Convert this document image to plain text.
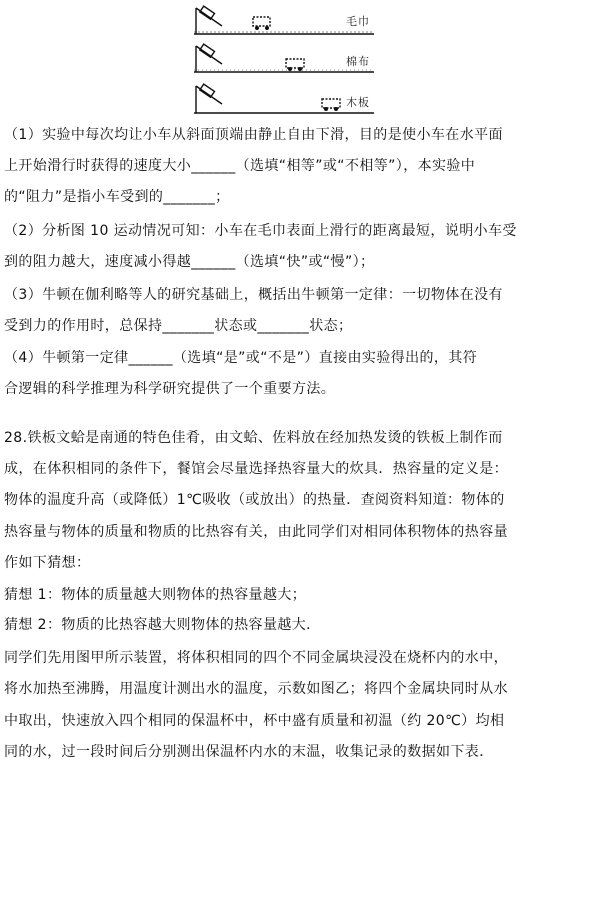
毛巾
棉布
木板
（1）实验中每次均让小车从斜面顶端由静止自由下滑，目的是使小车在水平面
上开始滑行时获得的速度大小______（选填“相等”或“不相等”），本实验中
的“阻力”是指小车受到的_______；
（2）分析图 10 运动情况可知：小车在毛巾表面上滑行的距离最短，说明小车受
到的阻力越大，速度减小得越______（选填“快”或“慢”）；
（3）牛顿在伽利略等人的研究基础上，概括出牛顿第一定律：一切物体在没有
受到力的作用时，总保持_______状态或_______状态；
（4）牛顿第一定律______（选填“是”或“不是”）直接由实验得出的，其符
合逻辑的科学推理为科学研究提供了一个重要方法。
28.铁板文蛤是南通的特色佳肴，由文蛤、佐料放在经加热发烫的铁板上制作而
成，在体积相同的条件下，餐馆会尽量选择热容量大的炊具．热容量的定义是：
物体的温度升高（或降低）1℃吸收（或放出）的热量．查阅资料知道：物体的
热容量与物体的质量和物质的比热容有关，由此同学们对相同体积物体的热容量
作如下猜想：
猜想 1：物体的质量越大则物体的热容量越大；
猜想 2：物质的比热容越大则物体的热容量越大．
同学们先用图甲所示装置，将体积相同的四个不同金属块浸没在烧杯内的水中，
将水加热至沸腾，用温度计测出水的温度，示数如图乙；将四个金属块同时从水
中取出，快速放入四个相同的保温杯中，杯中盛有质量和初温（约 20℃）均相
同的水，过一段时间后分别测出保温杯内水的末温，收集记录的数据如下表．
